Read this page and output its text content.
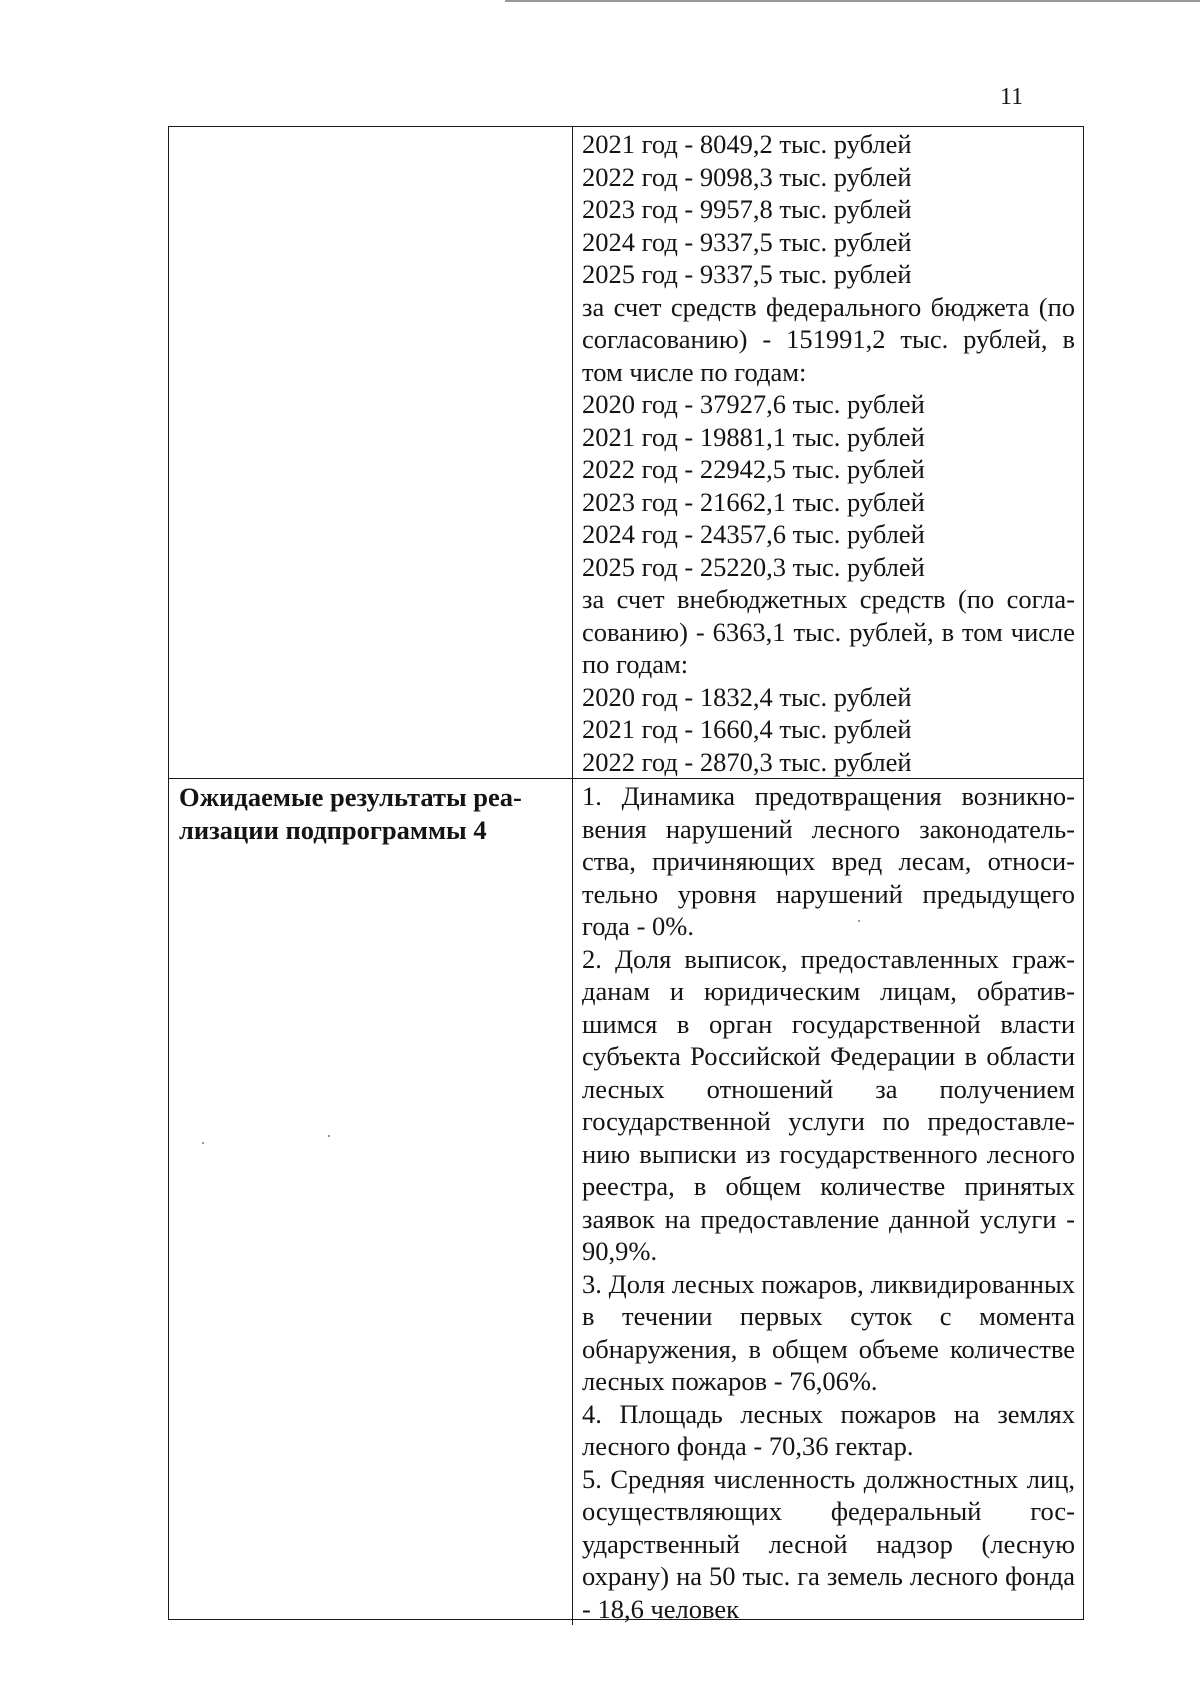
11
2021 год - 8049,2 тыс. рублей
2022 год - 9098,3 тыс. рублей
2023 год - 9957,8 тыс. рублей
2024 год - 9337,5 тыс. рублей
2025 год - 9337,5 тыс. рублей
за счет средств федерального бюджета (по согласованию) - 151991,2 тыс. рублей, в том числе по годам:
2020 год - 37927,6 тыс. рублей
2021 год - 19881,1 тыс. рублей
2022 год - 22942,5 тыс. рублей
2023 год - 21662,1 тыс. рублей
2024 год - 24357,6 тыс. рублей
2025 год - 25220,3 тыс. рублей
за счет внебюджетных средств (по согласованию) - 6363,1 тыс. рублей, в том числе по годам:
2020 год - 1832,4 тыс. рублей
2021 год - 1660,4 тыс. рублей
2022 год - 2870,3 тыс. рублей
Ожидаемые результаты реализации подпрограммы 4

1. Динамика предотвращения возникновения нарушений лесного законодательства, причиняющих вред лесам, относительно уровня нарушений предыдущего года - 0%.

2. Доля выписок, предоставленных гражданам и юридическим лицам, обратившимся в орган государственной власти субъекта Российской Федерации в области лесных отношений за получением государственной услуги по предоставлению выписки из государственного лесного реестра, в общем количестве принятых заявок на предоставление данной услуги - 90,9%.

3. Доля лесных пожаров, ликвидированных в течении первых суток с момента обнаружения, в общем объеме количестве лесных пожаров - 76,06%.

4. Площадь лесных пожаров на землях лесного фонда - 70,36 гектар.

5. Средняя численность должностных лиц, осуществляющих федеральный государственный лесной надзор (лесную охрану) на 50 тыс. га земель лесного фонда - 18,6 человек
